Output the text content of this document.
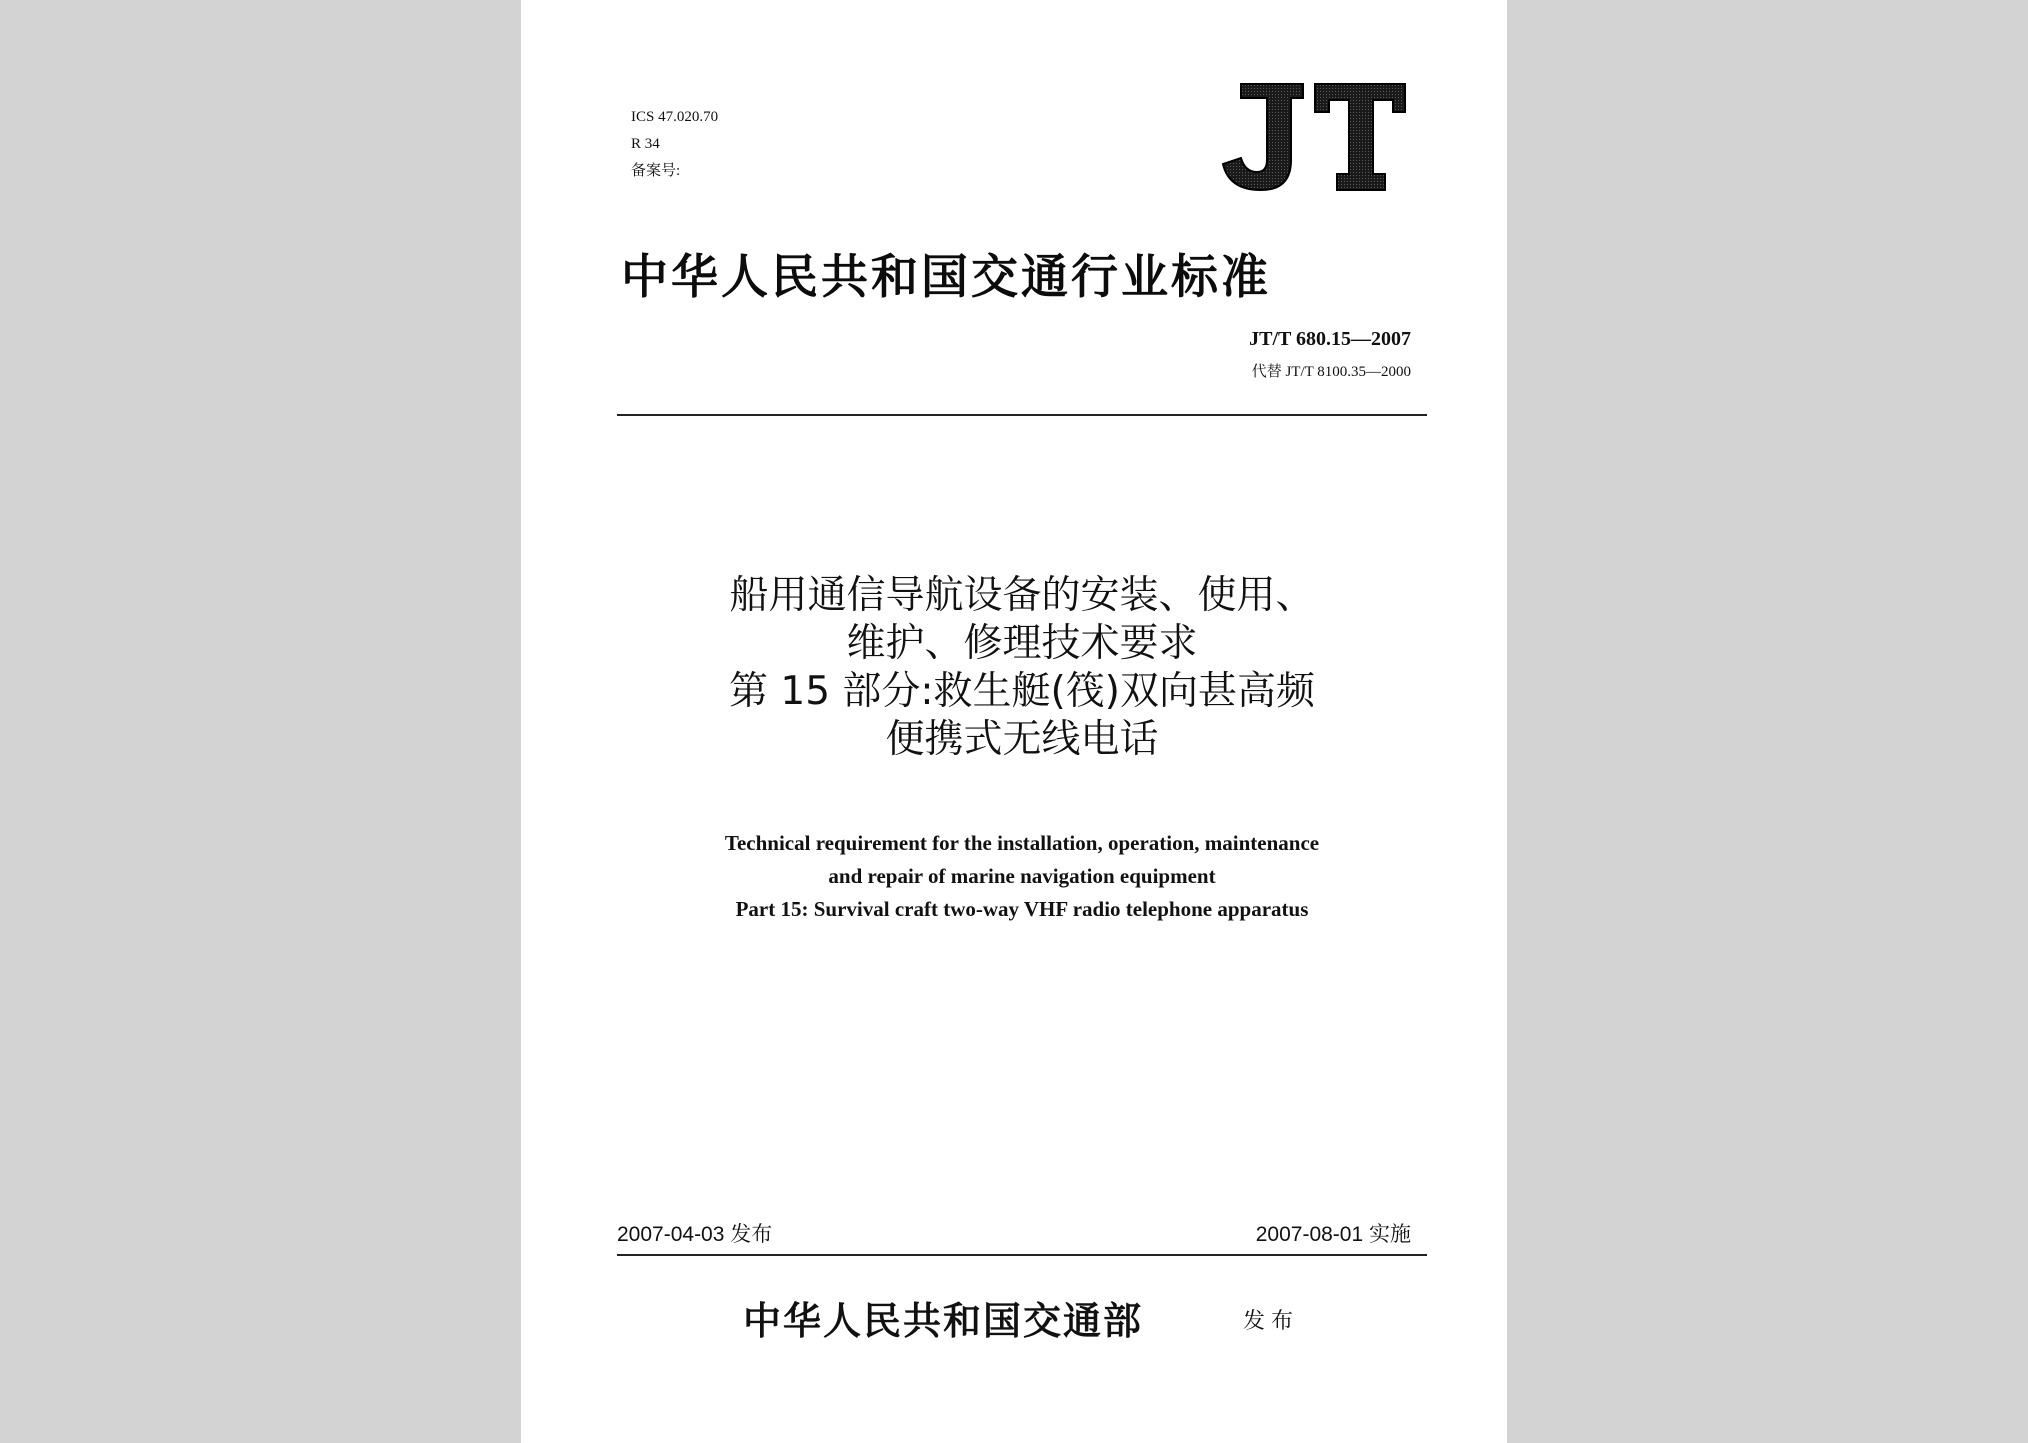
ICS 47.020.70
R 34
备案号:
中华人民共和国交通行业标准
JT/T 680.15—2007
代替 JT/T 8100.35—2000
船用通信导航设备的安装、使用、
维护、修理技术要求
第 15 部分:救生艇(筏)双向甚高频
便携式无线电话
Technical requirement for the installation, operation, maintenance
and repair of marine navigation equipment
Part 15: Survival craft two-way VHF radio telephone apparatus
2007-04-03 发布	2007-08-01 实施
中华人民共和国交通部	发布
